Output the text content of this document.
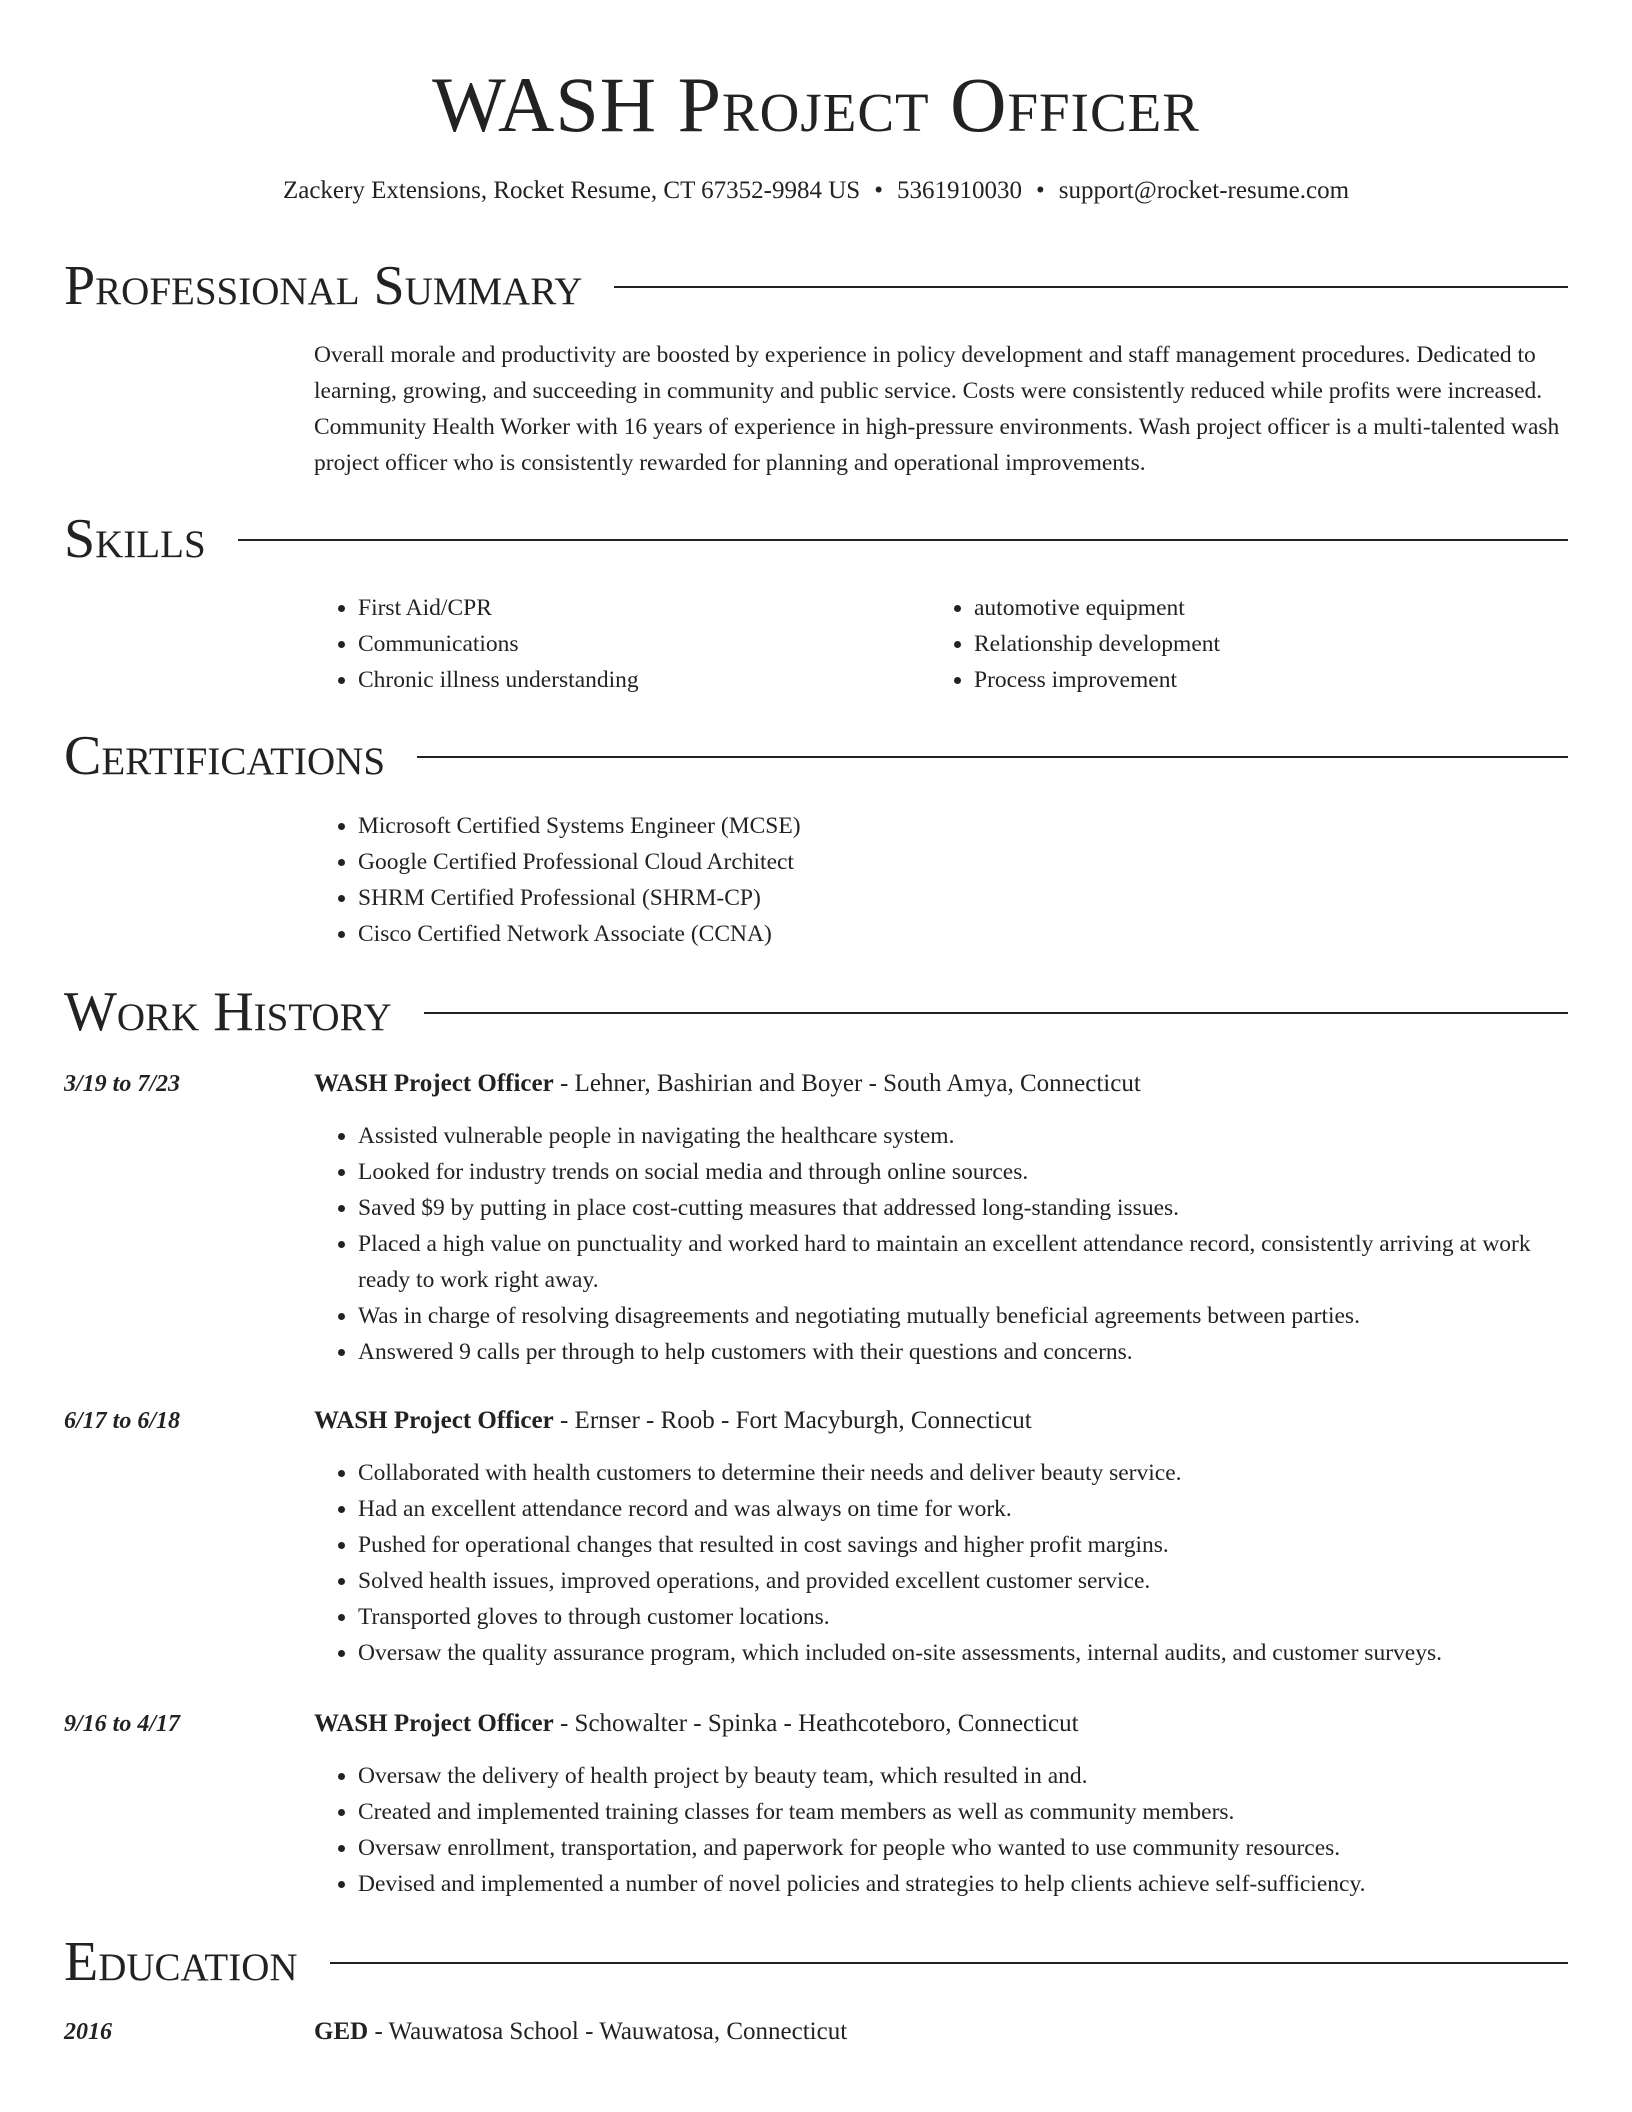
WASH Project Officer
Zackery Extensions, Rocket Resume, CT 67352-9984 US • 5361910030 • support@rocket-resume.com
Professional Summary
Overall morale and productivity are boosted by experience in policy development and staff management procedures. Dedicated to learning, growing, and succeeding in community and public service. Costs were consistently reduced while profits were increased. Community Health Worker with 16 years of experience in high-pressure environments. Wash project officer is a multi-talented wash project officer who is consistently rewarded for planning and operational improvements.
Skills
• First Aid/CPR
• Communications
• Chronic illness understanding
• automotive equipment
• Relationship development
• Process improvement
Certifications
• Microsoft Certified Systems Engineer (MCSE)
• Google Certified Professional Cloud Architect
• SHRM Certified Professional (SHRM-CP)
• Cisco Certified Network Associate (CCNA)
Work History
3/19 to 7/23	WASH Project Officer - Lehner, Bashirian and Boyer - South Amya, Connecticut
• Assisted vulnerable people in navigating the healthcare system.
• Looked for industry trends on social media and through online sources.
• Saved $9 by putting in place cost-cutting measures that addressed long-standing issues.
• Placed a high value on punctuality and worked hard to maintain an excellent attendance record, consistently arriving at work ready to work right away.
• Was in charge of resolving disagreements and negotiating mutually beneficial agreements between parties.
• Answered 9 calls per through to help customers with their questions and concerns.
6/17 to 6/18	WASH Project Officer - Ernser - Roob - Fort Macyburgh, Connecticut
• Collaborated with health customers to determine their needs and deliver beauty service.
• Had an excellent attendance record and was always on time for work.
• Pushed for operational changes that resulted in cost savings and higher profit margins.
• Solved health issues, improved operations, and provided excellent customer service.
• Transported gloves to through customer locations.
• Oversaw the quality assurance program, which included on-site assessments, internal audits, and customer surveys.
9/16 to 4/17	WASH Project Officer - Schowalter - Spinka - Heathcoteboro, Connecticut
• Oversaw the delivery of health project by beauty team, which resulted in and.
• Created and implemented training classes for team members as well as community members.
• Oversaw enrollment, transportation, and paperwork for people who wanted to use community resources.
• Devised and implemented a number of novel policies and strategies to help clients achieve self-sufficiency.
Education
2016	GED - Wauwatosa School - Wauwatosa, Connecticut
